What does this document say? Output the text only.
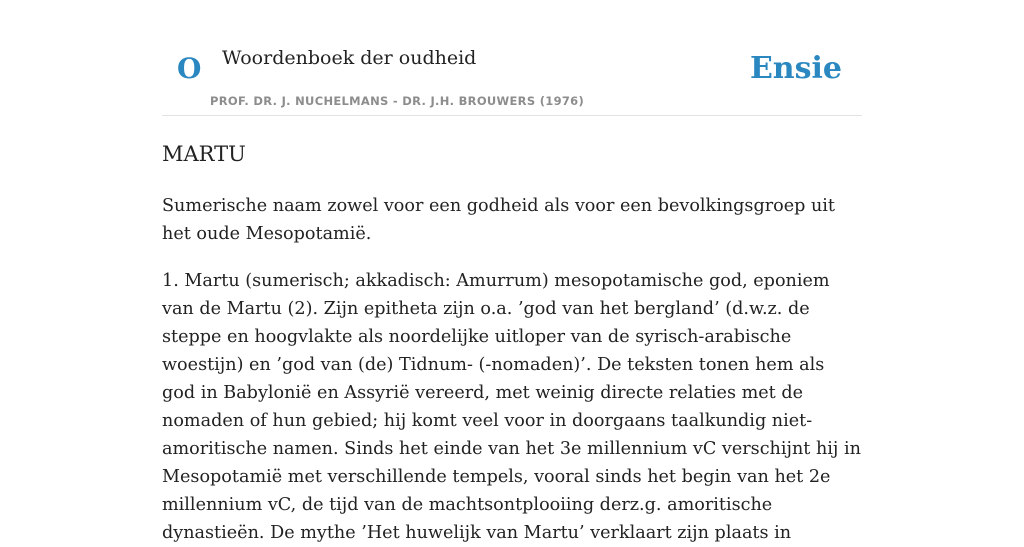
O Woordenboek der oudheid	Ensie
PROF. DR. J. NUCHELMANS - DR. J.H. BROUWERS (1976)
MARTU

Sumerische naam zowel voor een godheid als voor een bevolkingsgroep uit het oude Mesopotamië.

1. Martu (sumerisch; akkadisch: Amurrum) mesopotamische god, eponiem van de Martu (2). Zijn epitheta zijn o.a. ’god van het bergland’ (d.w.z. de steppe en hoogvlakte als noordelijke uitloper van de syrisch-arabische woestijn) en ’god van (de) Tidnum- (-nomaden)’. De teksten tonen hem als god in Babylonië en Assyrië vereerd, met weinig directe relaties met de nomaden of hun gebied; hij komt veel voor in doorgaans taalkundig niet-amoritische namen. Sinds het einde van het 3e millennium vC verschijnt hij in Mesopotamië met verschillende tempels, vooral sinds het begin van het 2e millennium vC, de tijd van de machtsontplooiing derz.g. amoritische dynastieën. De mythe ’Het huwelijk van Martu’ verklaart zijn plaats in
